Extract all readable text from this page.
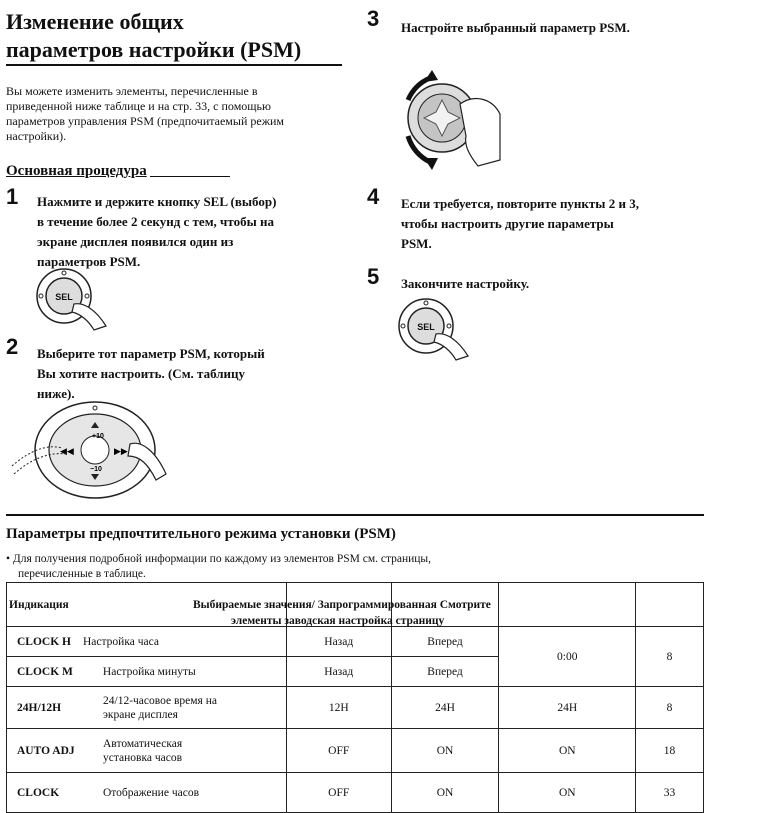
Изменение общих
параметров настройки (PSM)
Вы можете изменить элементы, перечисленные в приведенной ниже таблице и на стр. 33, с помощью параметров управления PSM (предпочитаемый режим настройки).
Основная процедура
1 Нажмите и держите кнопку SEL (выбор) в течение более 2 секунд с тем, чтобы на экране дисплея появился один из параметров PSM.
SEL
2 Выберите тот параметр PSM, который Вы хотите настроить. (См. таблицу ниже).
+10
−10
◀◀	▶▶
3 Настройте выбранный параметр PSM.
4 Если требуется, повторите пункты 2 и 3, чтобы настроить другие параметры PSM.
5 Закончите настройку.
SEL
Параметры предпочтительного режима установки (PSM)
• Для получения подробной информации по каждому из элементов PSM см. страницы,
перечисленные в таблице.
Индикация Выбираемые значения/ Запрограммированная Смотрите
элементы заводская настройка страницу				

CLOCK H Настройка часа	Назад	Вперед	0:00	8
CLOCK M Настройка минуты	Назад	Вперед		

24H/12H
24/12-часовое время на экране дисплея	12H	24H	24H	8

AUTO ADJ
Автоматическая установка часов	OFF	ON	ON	18

CLOCK Отображение часов	OFF	ON	ON	33
